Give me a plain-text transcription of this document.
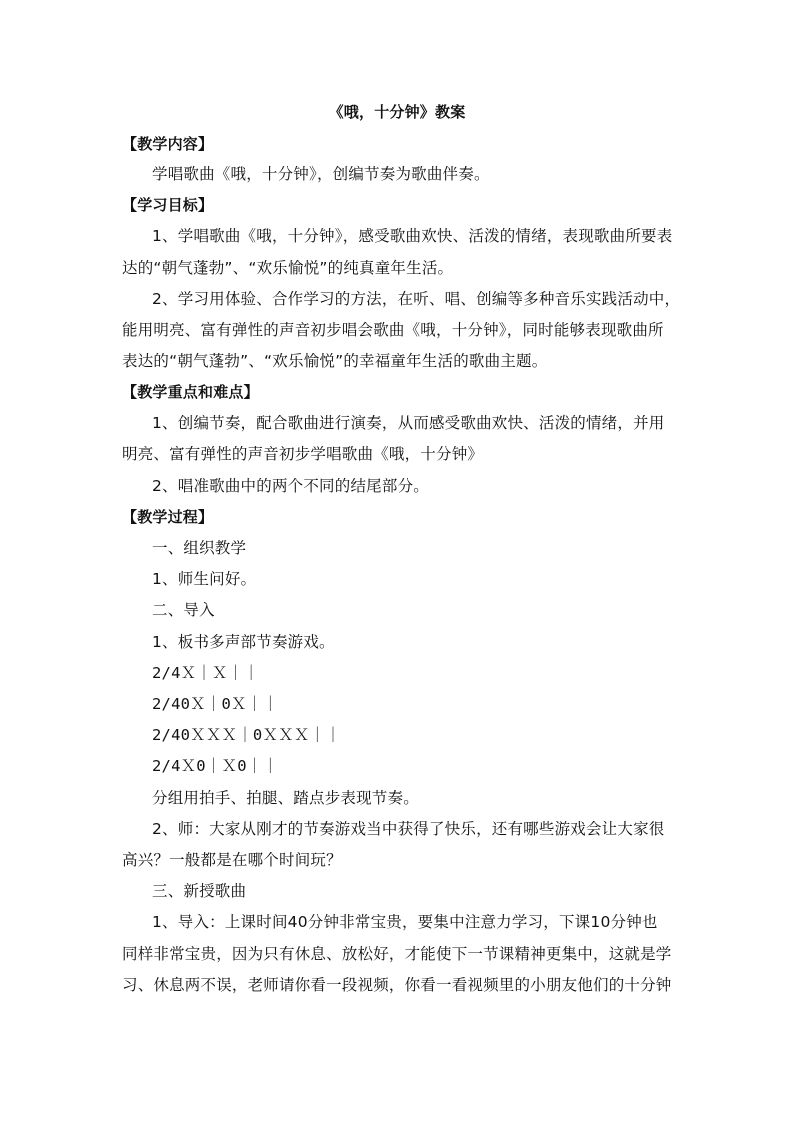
《哦，十分钟》教案
【教学内容】
学唱歌曲《哦，十分钟》，创编节奏为歌曲伴奏。
【学习目标】
1、学唱歌曲《哦，十分钟》，感受歌曲欢快、活泼的情绪，表现歌曲所要表
达的“朝气蓬勃”、“欢乐愉悦”的纯真童年生活。
2、学习用体验、合作学习的方法，在听、唱、创编等多种音乐实践活动中，
能用明亮、富有弹性的声音初步唱会歌曲《哦，十分钟》，同时能够表现歌曲所
表达的“朝气蓬勃”、“欢乐愉悦”的幸福童年生活的歌曲主题。
【教学重点和难点】
1、创编节奏，配合歌曲进行演奏，从而感受歌曲欢快、活泼的情绪，并用
明亮、富有弹性的声音初步学唱歌曲《哦，十分钟》
2、唱准歌曲中的两个不同的结尾部分。
【教学过程】
一、组织教学
1、师生问好。
二、导入
1、板书多声部节奏游戏。
2/4Ｘ｜Ｘ｜｜
2/40Ｘ｜0Ｘ｜｜
2/40ＸＸＸ｜0ＸＸＸ｜｜
2/4Ｘ0｜Ｘ0｜｜
分组用拍手、拍腿、踏点步表现节奏。
2、师：大家从刚才的节奏游戏当中获得了快乐，还有哪些游戏会让大家很
高兴？一般都是在哪个时间玩？
三、新授歌曲
1、导入：上课时间40分钟非常宝贵，要集中注意力学习，下课10分钟也
同样非常宝贵，因为只有休息、放松好，才能使下一节课精神更集中，这就是学
习、休息两不误，老师请你看一段视频，你看一看视频里的小朋友他们的十分钟
